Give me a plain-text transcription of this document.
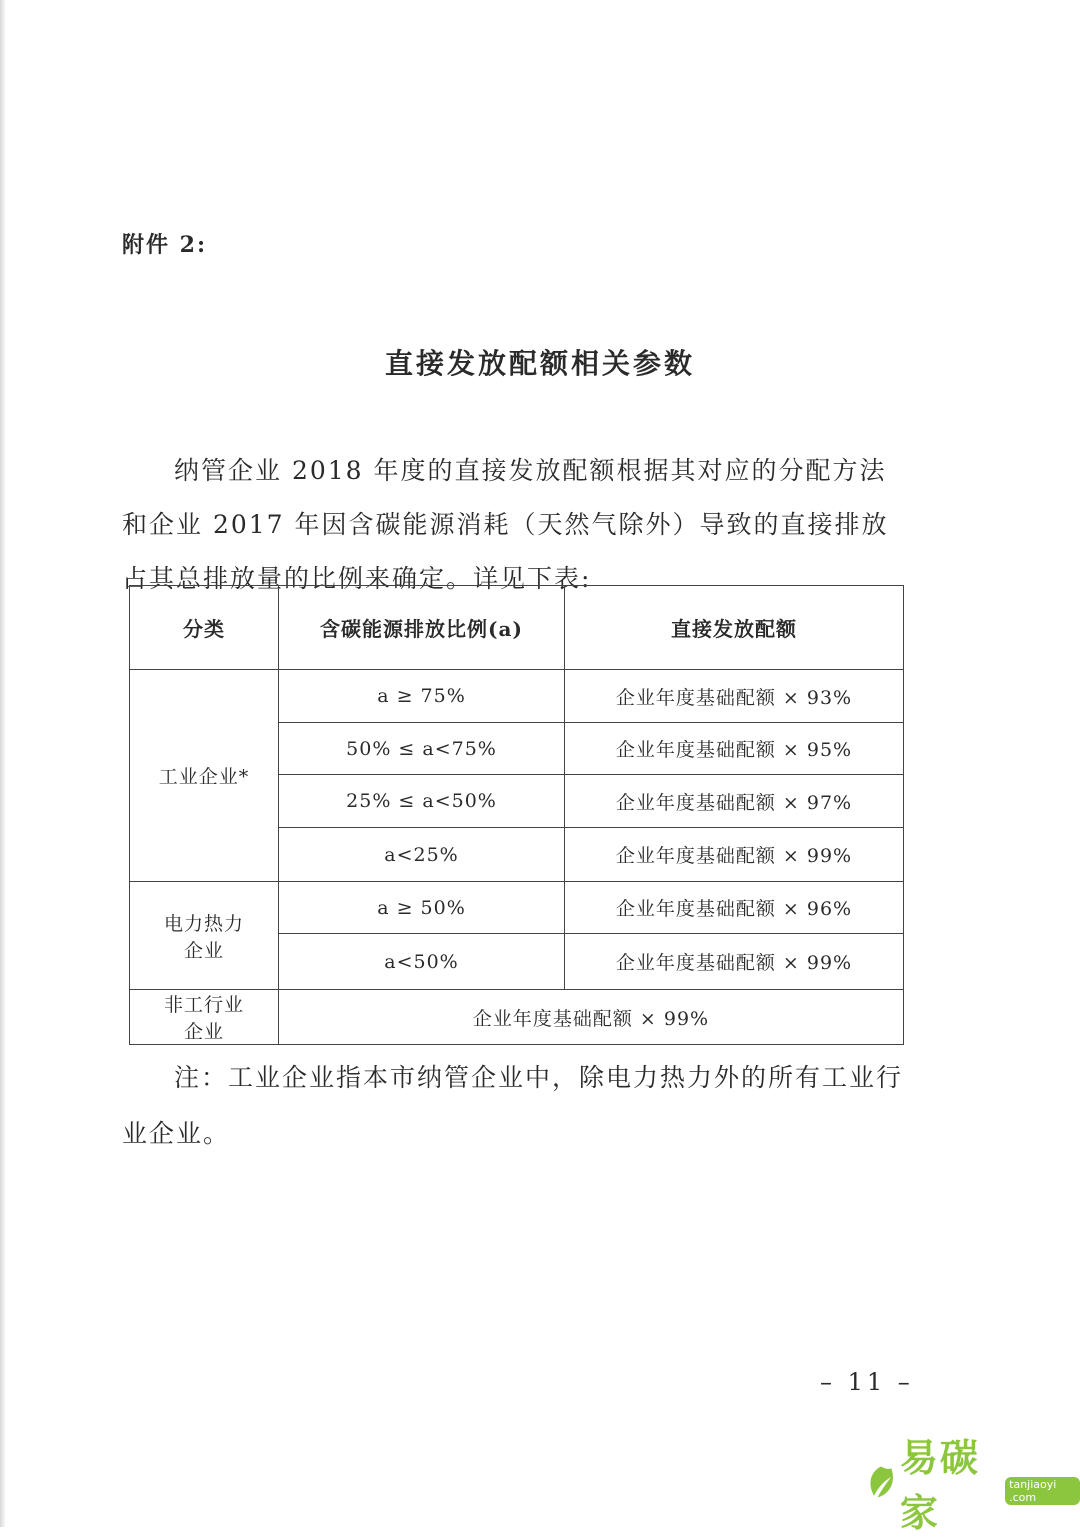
附件 2:
直接发放配额相关参数

纳管企业 2018 年度的直接发放配额根据其对应的分配方法和企业 2017 年因含碳能源消耗（天然气除外）导致的直接排放占其总排放量的比例来确定。详见下表:

分类	含碳能源排放比例(a)	直接发放配额
工业企业*	a ≥ 75%	企业年度基础配额 × 93%
	50% ≤ a<75%	企业年度基础配额 × 95%
	25% ≤ a<50%	企业年度基础配额 × 97%
	a<25%	企业年度基础配额 × 99%
电力热力
企业	a ≥ 50%	企业年度基础配额 × 96%
	a<50%	企业年度基础配额 × 99%
非工行业
企业	企业年度基础配额 × 99%	

注：工业企业指本市纳管企业中，除电力热力外的所有工业行业企业。

– 11 –
易碳家
tanjiaoyi .com
